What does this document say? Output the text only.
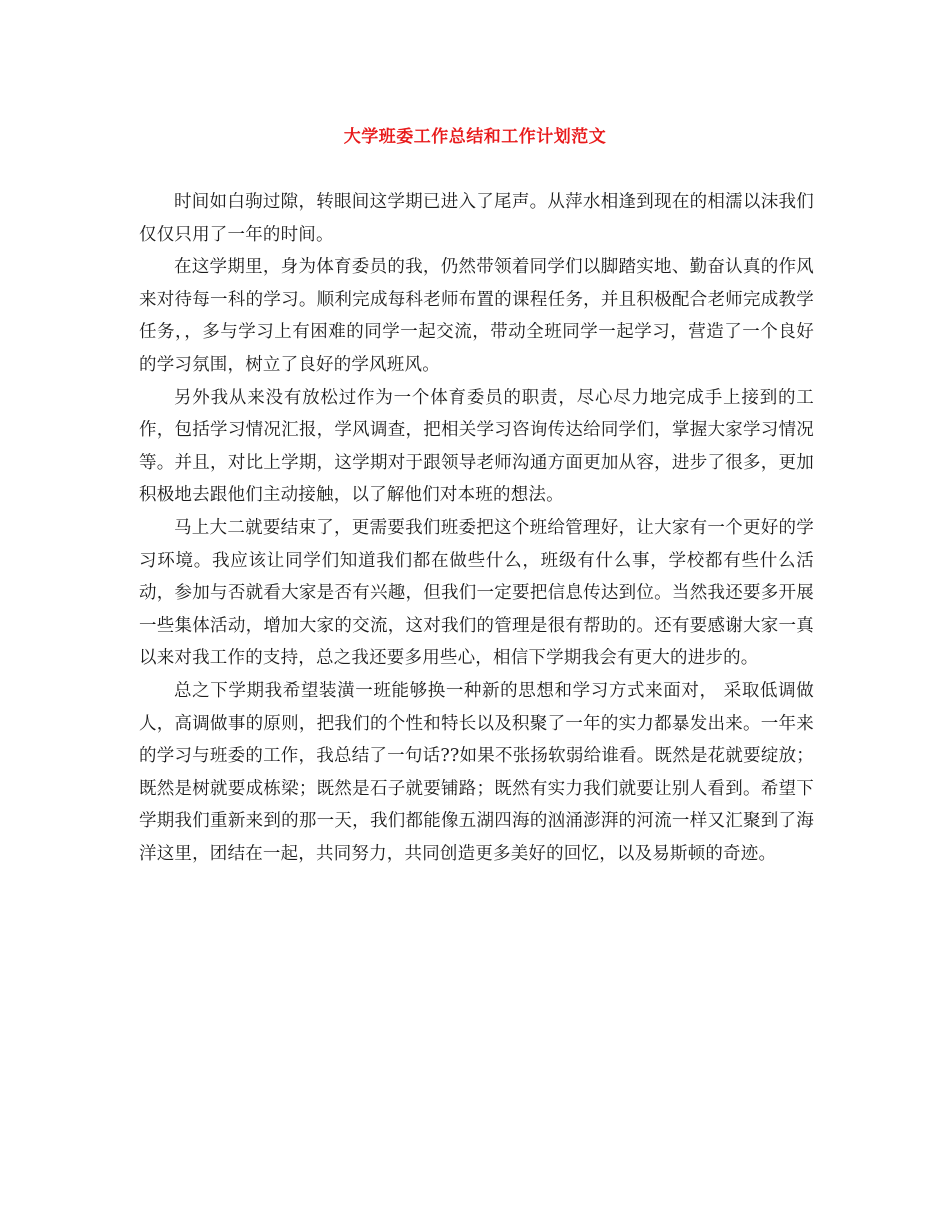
大学班委工作总结和工作计划范文

时间如白驹过隙，转眼间这学期已进入了尾声。从萍水相逢到现在的相濡以沫我们仅仅只用了一年的时间。

在这学期里，身为体育委员的我，仍然带领着同学们以脚踏实地、勤奋认真的作风来对待每一科的学习。顺利完成每科老师布置的课程任务，并且积极配合老师完成教学任务，，多与学习上有困难的同学一起交流，带动全班同学一起学习，营造了一个良好的学习氛围，树立了良好的学风班风。

另外我从来没有放松过作为一个体育委员的职责，尽心尽力地完成手上接到的工作，包括学习情况汇报，学风调查，把相关学习咨询传达给同学们，掌握大家学习情况等。并且，对比上学期，这学期对于跟领导老师沟通方面更加从容，进步了很多，更加积极地去跟他们主动接触，以了解他们对本班的想法。

马上大二就要结束了，更需要我们班委把这个班给管理好，让大家有一个更好的学习环境。我应该让同学们知道我们都在做些什么，班级有什么事，学校都有些什么活动，参加与否就看大家是否有兴趣，但我们一定要把信息传达到位。当然我还要多开展一些集体活动，增加大家的交流，这对我们的管理是很有帮助的。还有要感谢大家一真以来对我工作的支持，总之我还要多用些心，相信下学期我会有更大的进步的。

总之下学期我希望装潢一班能够换一种新的思想和学习方式来面对， 采取低调做人，高调做事的原则，把我们的个性和特长以及积聚了一年的实力都暴发出来。一年来的学习与班委的工作，我总结了一句话??如果不张扬软弱给谁看。既然是花就要绽放；既然是树就要成栋梁；既然是石子就要铺路；既然有实力我们就要让别人看到。希望下学期我们重新来到的那一天，我们都能像五湖四海的汹涌澎湃的河流一样又汇聚到了海洋这里，团结在一起，共同努力，共同创造更多美好的回忆，以及易斯顿的奇迹。
